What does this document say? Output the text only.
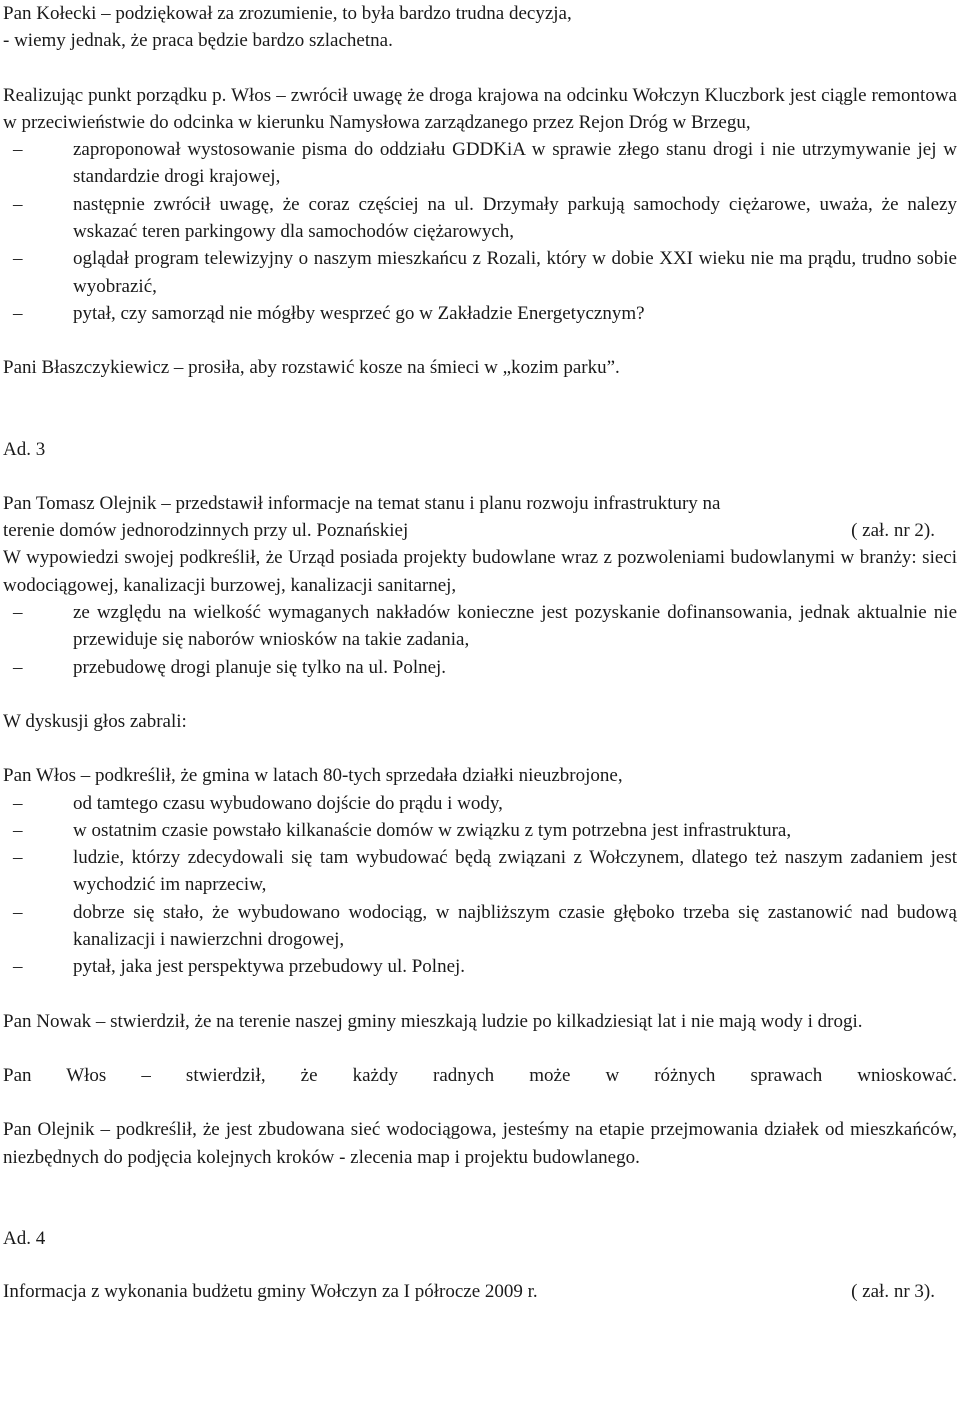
Pan Kołecki – podziękował za zrozumienie, to była bardzo trudna decyzja,

- wiemy jednak, że praca będzie bardzo szlachetna.

Realizując punkt porządku p. Włos – zwrócił uwagę że droga krajowa na odcinku Wołczyn Kluczbork jest ciągle remontowa w przeciwieństwie do odcinka w kierunku Namysłowa zarządzanego przez Rejon Dróg w Brzegu,

–	zaproponował wystosowanie pisma do oddziału GDDKiA w sprawie złego stanu drogi i nie utrzymywanie jej w standardzie drogi krajowej,
–	następnie zwrócił uwagę, że coraz częściej na ul. Drzymały parkują samochody ciężarowe, uważa, że nalezy wskazać teren parkingowy dla samochodów ciężarowych,
–	oglądał program telewizyjny o naszym mieszkańcu z Rozali, który w dobie XXI wieku nie ma prądu, trudno sobie wyobrazić,
–	pytał, czy samorząd nie mógłby wesprzeć go w Zakładzie Energetycznym?

Pani Błaszczykiewicz – prosiła, aby rozstawić kosze na śmieci w „kozim parku”.

Ad. 3

Pan Tomasz Olejnik – przedstawił informacje na temat stanu i planu rozwoju infrastruktury na

terenie domów jednorodzinnych przy ul. Poznańskiej	( zał. nr 2).

W wypowiedzi swojej podkreślił, że Urząd posiada projekty budowlane wraz z pozwoleniami budowlanymi w branży: sieci wodociągowej, kanalizacji burzowej, kanalizacji sanitarnej,

–	ze względu na wielkość wymaganych nakładów konieczne jest pozyskanie dofinansowania, jednak aktualnie nie przewiduje się naborów wniosków na takie zadania,
–	przebudowę drogi planuje się tylko na ul. Polnej.

W dyskusji głos zabrali:

Pan Włos – podkreślił, że gmina w latach 80-tych sprzedała działki nieuzbrojone,

–	od tamtego czasu wybudowano dojście do prądu i wody,
–	w ostatnim czasie powstało kilkanaście domów w związku z tym potrzebna jest infrastruktura,
–	ludzie, którzy zdecydowali się tam wybudować będą związani z Wołczynem, dlatego też naszym zadaniem jest wychodzić im naprzeciw,
–	dobrze się stało, że wybudowano wodociąg, w najbliższym czasie głęboko trzeba się zastanowić nad budową kanalizacji i nawierzchni drogowej,
–	pytał, jaka jest perspektywa przebudowy ul. Polnej.

Pan Nowak – stwierdził, że na terenie naszej gminy mieszkają ludzie po kilkadziesiąt lat i nie mają wody i drogi.

Pan Włos – stwierdził, że każdy radnych może w różnych sprawach wnioskować.

Pan Olejnik – podkreślił, że jest zbudowana sieć wodociągowa, jesteśmy na etapie przejmowania działek od mieszkańców, niezbędnych do podjęcia kolejnych kroków - zlecenia map i projektu budowlanego.

Ad. 4

Informacja z wykonania budżetu gminy Wołczyn za I półrocze 2009 r.	( zał. nr 3).
